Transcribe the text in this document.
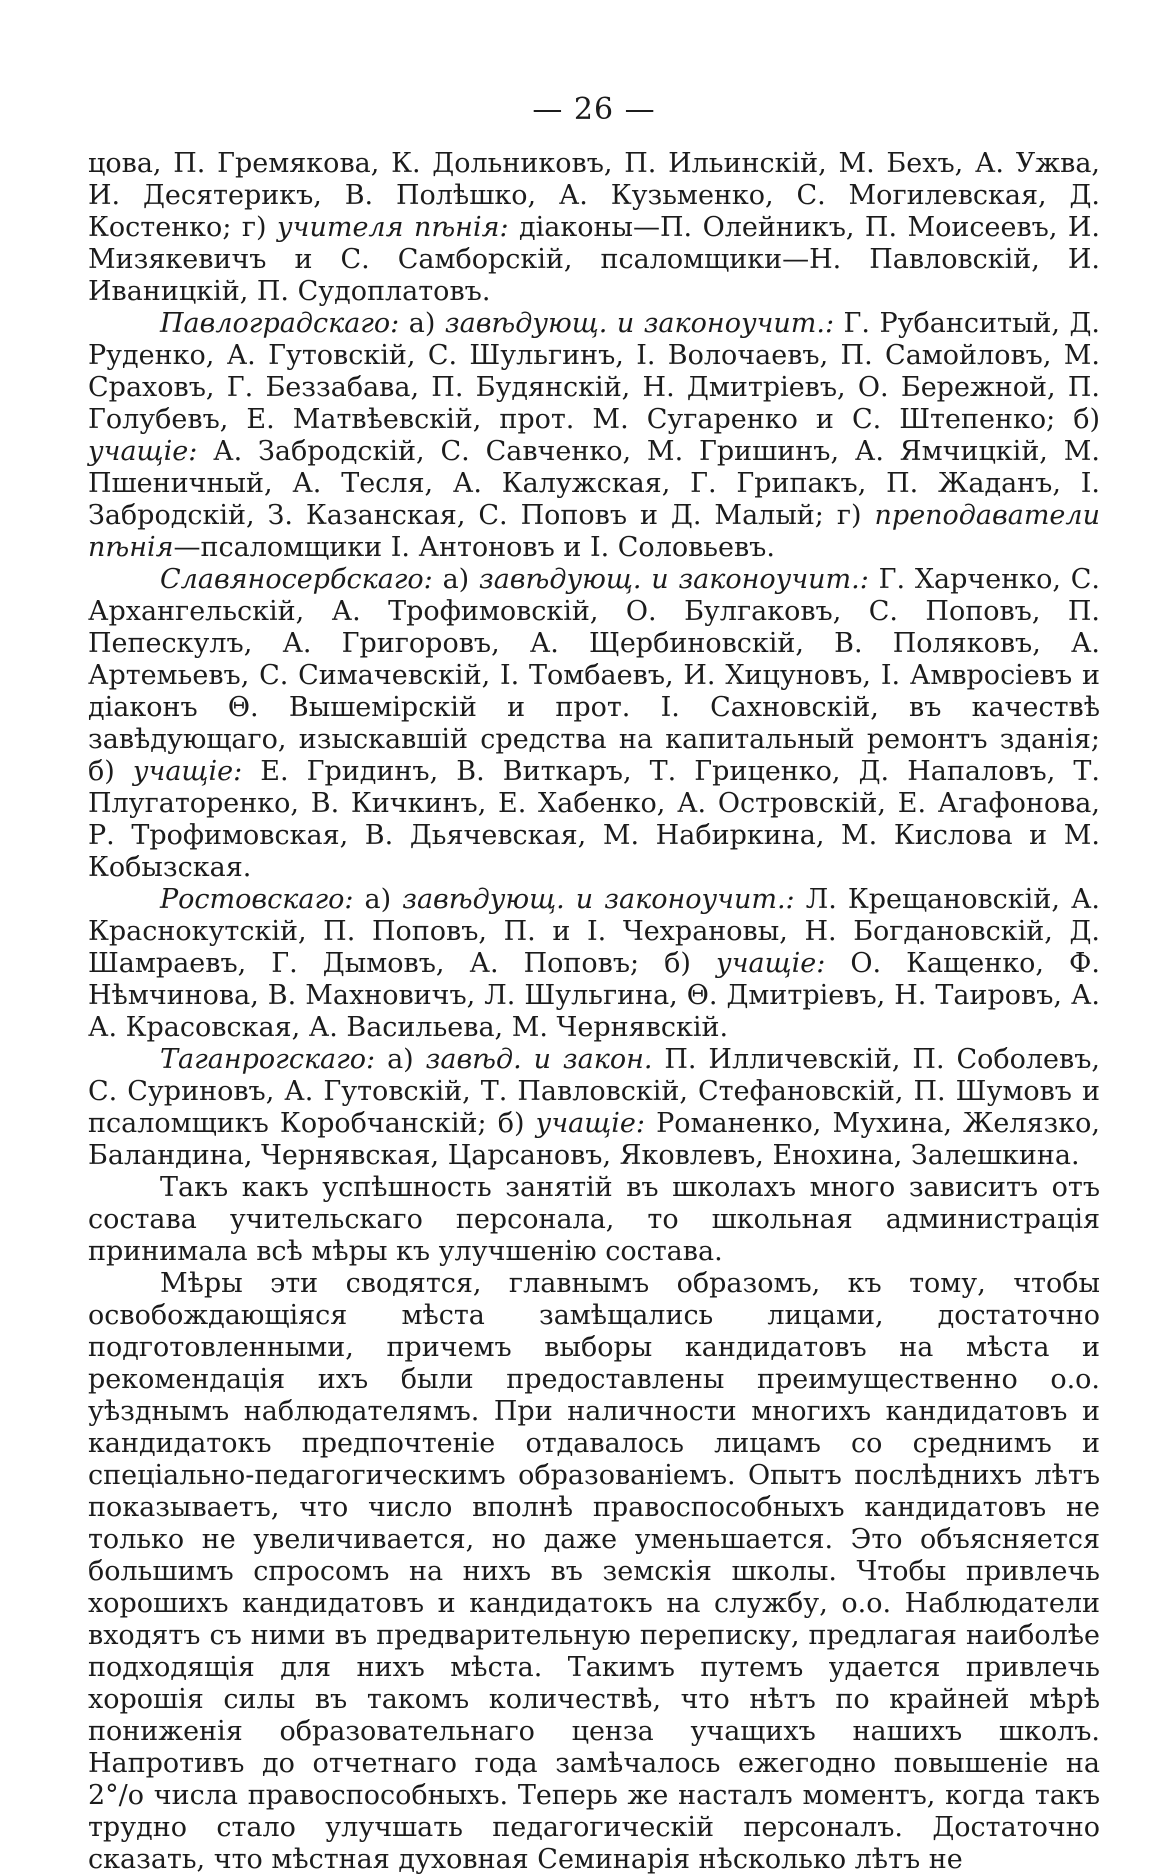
— 26 —

цова, П. Гремякова, К. Дольниковъ, П. Ильинскій, М. Бехъ, А. Ужва, И. Десятерикъ, В. Полѣшко, А. Кузьменко, С. Могилевская, Д. Костенко; г) учителя пѣнія: діаконы—П. Олейникъ, П. Моисеевъ, И. Мизякевичъ и С. Самборскій, псаломщики—Н. Павловскій, И. Иваницкій, П. Судоплатовъ.

Павлоградскаго: а) завѣдующ. и законоучит.: Г. Рубанситый, Д. Руденко, А. Гутовскій, С. Шульгинъ, І. Волочаевъ, П. Самойловъ, М. Сраховъ, Г. Беззабава, П. Будянскій, Н. Дмитріевъ, О. Бережной, П. Голубевъ, Е. Матвѣевскій, прот. М. Сугаренко и С. Штепенко; б) учащіе: А. Забродскій, С. Савченко, М. Гришинъ, А. Ямчицкій, М. Пшеничный, А. Тесля, А. Калужская, Г. Грипакъ, П. Жаданъ, І. Забродскій, З. Казанская, С. Поповъ и Д. Малый; г) преподаватели пѣнія—псаломщики І. Антоновъ и І. Соловьевъ.

Славяносербскаго: а) завѣдующ. и законоучит.: Г. Харченко, С. Архангельскій, А. Трофимовскій, О. Булгаковъ, С. Поповъ, П. Пепескулъ, А. Григоровъ, А. Щербиновскій, В. Поляковъ, А. Артемьевъ, С. Симачевскій, І. Томбаевъ, И. Хицуновъ, І. Амвросіевъ и діаконъ Θ. Вышемірскій и прот. І. Сахновскій, въ качествѣ завѣдующаго, изыскавшій средства на капитальный ремонтъ зданія; б) учащіе: Е. Гридинъ, В. Виткаръ, Т. Гриценко, Д. Напаловъ, Т. Плугаторенко, В. Кичкинъ, Е. Хабенко, А. Островскій, Е. Агафонова, Р. Трофимовская, В. Дьячевская, М. Набиркина, М. Кислова и М. Кобызская.

Ростовскаго: а) завѣдующ. и законоучит.: Л. Крещановскій, А. Краснокутскій, П. Поповъ, П. и І. Чехрановы, Н. Богдановскій, Д. Шамраевъ, Г. Дымовъ, А. Поповъ; б) учащіе: О. Кащенко, Ф. Нѣмчинова, В. Махновичъ, Л. Шульгина, Θ. Дмитріевъ, Н. Таировъ, А. А. Красовская, А. Васильева, М. Чернявскій.

Таганрогскаго: а) завѣд. и закон. П. Илличевскій, П. Соболевъ, С. Суриновъ, А. Гутовскій, Т. Павловскій, Стефановскій, П. Шумовъ и псаломщикъ Коробчанскій; б) учащіе: Романенко, Мухина, Желязко, Баландина, Чернявская, Царсановъ, Яковлевъ, Енохина, Залешкина.

Такъ какъ успѣшность занятій въ школахъ много зависитъ отъ состава учительскаго персонала, то школьная администрація принимала всѣ мѣры къ улучшенію состава.

Мѣры эти сводятся, главнымъ образомъ, къ тому, чтобы освобождающіяся мѣста замѣщались лицами, достаточно подготовленными, причемъ выборы кандидатовъ на мѣста и рекомендація ихъ были предоставлены преимущественно о.о. уѣзднымъ наблюдателямъ. При наличности многихъ кандидатовъ и кандидатокъ предпочтеніе отдавалось лицамъ со среднимъ и спеціально-педагогическимъ образованіемъ. Опытъ послѣднихъ лѣтъ показываетъ, что число вполнѣ правоспособныхъ кандидатовъ не только не увеличивается, но даже уменьшается. Это объясняется большимъ спросомъ на нихъ въ земскія школы. Чтобы привлечь хорошихъ кандидатовъ и кандидатокъ на службу, о.о. Наблюдатели входятъ съ ними въ предварительную переписку, предлагая наиболѣе подходящія для нихъ мѣста. Такимъ путемъ удается привлечь хорошія силы въ такомъ количествѣ, что нѣтъ по крайней мѣрѣ пониженія образовательнаго ценза учащихъ нашихъ школъ. Напротивъ до отчетнаго года замѣчалось ежегодно повышеніе на 2°/o числа правоспособныхъ. Теперь же насталъ моментъ, когда такъ трудно стало улучшать педагогическій персоналъ. Достаточно сказать, что мѣстная духовная Семинарія нѣсколько лѣтъ не
